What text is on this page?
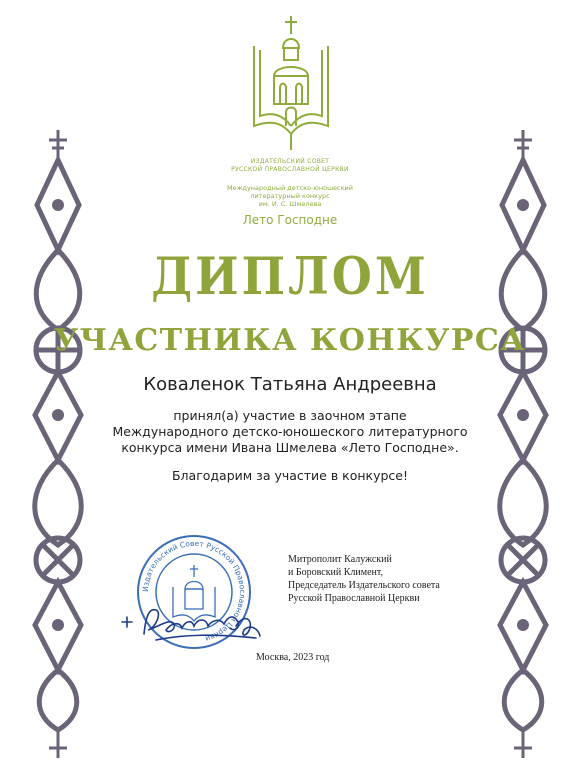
ИЗДАТЕЛЬСКИЙ СОВЕТ
РУССКОЙ ПРАВОСЛАВНОЙ ЦЕРКВИ
Международный детско-юношеский
литературный конкурс
им. И. С. Шмелева
Лето Господне
ДИПЛОМ
УЧАСТНИКА КОНКУРСА
Коваленок Татьяна Андреевна
принял(а) участие в заочном этапе
Международного детско-юношеского литературного
конкурса имени Ивана Шмелева «Лето Господне».
Благодарим за участие в конкурсе!
Издательский Совет Русской Православной Церкви
Митрополит Калужский
и Боровский Климент,
Председатель Издательского совета
Русской Православной Церкви
Москва, 2023 год
